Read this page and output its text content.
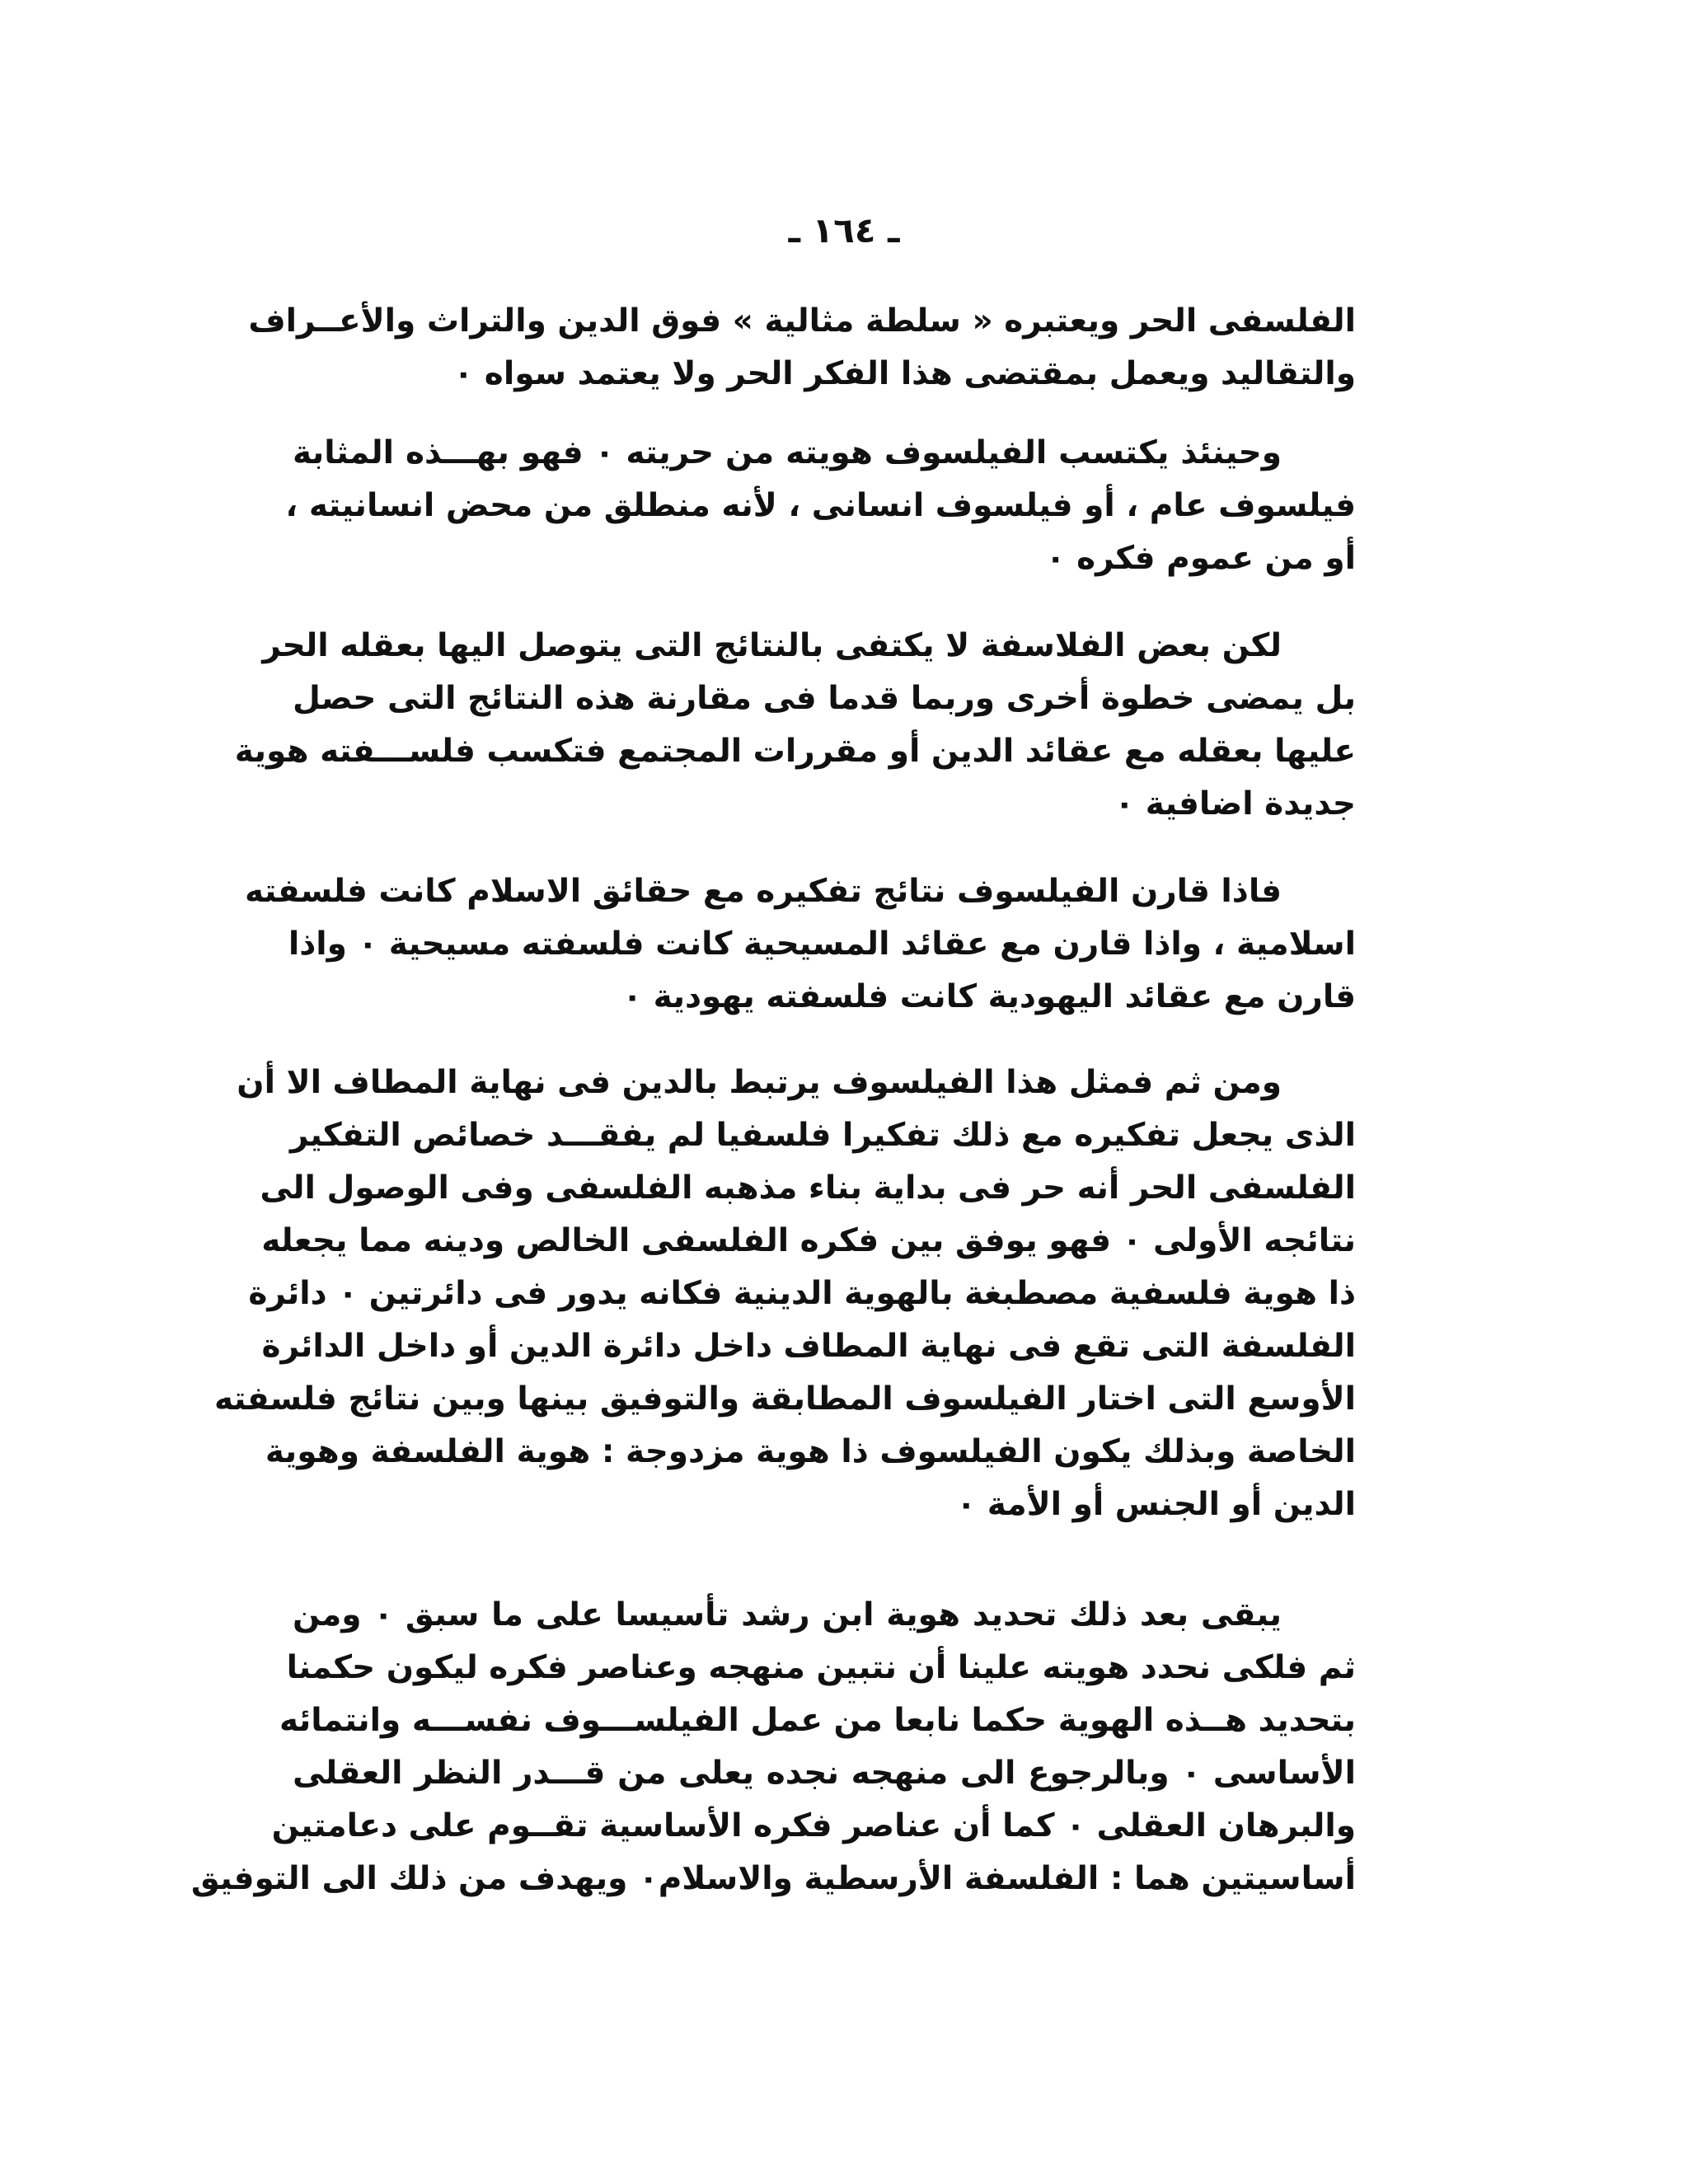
ـ ١٦٤ ـ
الفلسفى الحر ويعتبره « سلطة مثالية » فوق الدين والتراث والأعــراف
والتقاليد ويعمل بمقتضى هذا الفكر الحر ولا يعتمد سواه ٠
وحينئذ يكتسب الفيلسوف هويته من حريته ٠ فهو بهـــذه المثابة
فيلسوف عام ، أو فيلسوف انسانى ، لأنه منطلق من محض انسانيته ،
أو من عموم فكره ٠
لكن بعض الفلاسفة لا يكتفى بالنتائج التى يتوصل اليها بعقله الحر
بل يمضى خطوة أخرى وربما قدما فى مقارنة هذه النتائج التى حصل
عليها بعقله مع عقائد الدين أو مقررات المجتمع فتكسب فلســـفته هوية
جديدة اضافية ٠
فاذا قارن الفيلسوف نتائج تفكيره مع حقائق الاسلام كانت فلسفته
اسلامية ، واذا قارن مع عقائد المسيحية كانت فلسفته مسيحية ٠ واذا
قارن مع عقائد اليهودية كانت فلسفته يهودية ٠
ومن ثم فمثل هذا الفيلسوف يرتبط بالدين فى نهاية المطاف الا أن
الذى يجعل تفكيره مع ذلك تفكيرا فلسفيا لم يفقـــد خصائص التفكير
الفلسفى الحر أنه حر فى بداية بناء مذهبه الفلسفى وفى الوصول الى
نتائجه الأولى ٠ فهو يوفق بين فكره الفلسفى الخالص ودينه مما يجعله
ذا هوية فلسفية مصطبغة بالهوية الدينية فكانه يدور فى دائرتين ٠ دائرة
الفلسفة التى تقع فى نهاية المطاف داخل دائرة الدين أو داخل الدائرة
الأوسع التى اختار الفيلسوف المطابقة والتوفيق بينها وبين نتائج فلسفته
الخاصة وبذلك يكون الفيلسوف ذا هوية مزدوجة : هوية الفلسفة وهوية
الدين أو الجنس أو الأمة ٠
يبقى بعد ذلك تحديد هوية ابن رشد تأسيسا على ما سبق ٠ ومن
ثم فلكى نحدد هويته علينا أن نتبين منهجه وعناصر فكره ليكون حكمنا
بتحديد هــذه الهوية حكما نابعا من عمل الفيلســـوف نفســـه وانتمائه
الأساسى ٠ وبالرجوع الى منهجه نجده يعلى من قـــدر النظر العقلى
والبرهان العقلى ٠ كما أن عناصر فكره الأساسية تقــوم على دعامتين
أساسيتين هما : الفلسفة الأرسطية والاسلام٠ ويهدف من ذلك الى التوفيق
